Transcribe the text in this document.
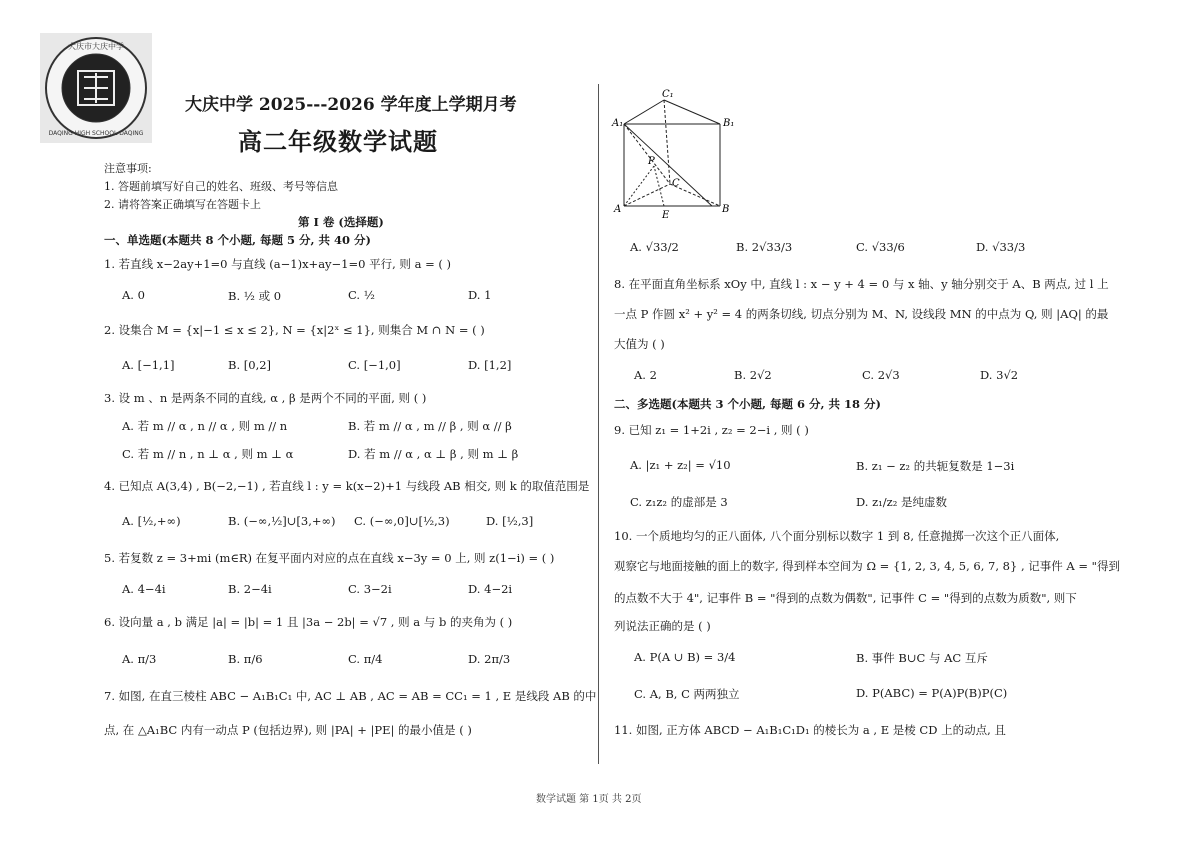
大庆市大庆中学
DAQING HIGH SCHOOL DAQING
大庆中学 2025---2026 学年度上学期月考
高二年级数学试题
注意事项:
1. 答题前填写好自己的姓名、班级、考号等信息
2. 请将答案正确填写在答题卡上
第 I 卷 (选择题)
一、单选题(本题共 8 个小题, 每题 5 分, 共 40 分)
1. 若直线 x−2ay+1=0 与直线 (a−1)x+ay−1=0 平行, 则 a = ( )
A. 0	B. ½ 或 0	C. ½	D. 1
2. 设集合 M = {x|−1 ≤ x ≤ 2}, N = {x|2ˣ ≤ 1}, 则集合 M ∩ N = ( )
A. [−1,1]	B. [0,2]	C. [−1,0]	D. [1,2]
3. 设 m 、n 是两条不同的直线, α , β 是两个不同的平面, 则 ( )
A. 若 m // α , n // α , 则 m // n	B. 若 m // α , m // β , 则 α // β
C. 若 m // n , n ⊥ α , 则 m ⊥ α	D. 若 m // α , α ⊥ β , 则 m ⊥ β
4. 已知点 A(3,4) , B(−2,−1) , 若直线 l : y = k(x−2)+1 与线段 AB 相交, 则 k 的取值范围是
A. [½,+∞)	B. (−∞,½]∪[3,+∞) C. (−∞,0]∪[½,3)	D. [½,3]
5. 若复数 z = 3+mi (m∈R) 在复平面内对应的点在直线 x−3y = 0 上, 则 z(1−i) = ( )
A. 4−4i	B. 2−4i	C. 3−2i	D. 4−2i
6. 设向量 a , b 满足 |a| = |b| = 1 且 |3a − 2b| = √7 , 则 a 与 b 的夹角为 ( )
A. π/3	B. π/6	C. π/4	D. 2π/3
7. 如图, 在直三棱柱 ABC − A₁B₁C₁ 中, AC ⊥ AB , AC = AB = CC₁ = 1 , E 是线段 AB 的中
点, 在 △A₁BC 内有一动点 P (包括边界), 则 |PA| + |PE| 的最小值是 ( )
C₁
A₁	B₁
P
C
A
E
B
A. √33/2	B. 2√33/3	C. √33/6	D. √33/3
8. 在平面直角坐标系 xOy 中, 直线 l : x − y + 4 = 0 与 x 轴、y 轴分别交于 A、B 两点, 过 l 上
一点 P 作圆 x² + y² = 4 的两条切线, 切点分别为 M、N, 设线段 MN 的中点为 Q, 则 |AQ| 的最
大值为 ( )
A. 2	B. 2√2	C. 2√3	D. 3√2
二、多选题(本题共 3 个小题, 每题 6 分, 共 18 分)
9. 已知 z₁ = 1+2i , z₂ = 2−i , 则 ( )
A. |z₁ + z₂| = √10	B. z₁ − z₂ 的共轭复数是 1−3i
C. z₁z₂ 的虚部是 3	D. z₁/z₂ 是纯虚数
10. 一个质地均匀的正八面体, 八个面分别标以数字 1 到 8, 任意抛掷一次这个正八面体,
观察它与地面接触的面上的数字, 得到样本空间为 Ω = {1, 2, 3, 4, 5, 6, 7, 8} , 记事件 A = "得到
的点数不大于 4", 记事件 B = "得到的点数为偶数", 记事件 C = "得到的点数为质数", 则下
列说法正确的是 ( )
A. P(A ∪ B) = 3/4	B. 事件 B∪C 与 AC 互斥
C. A, B, C 两两独立	D. P(ABC) = P(A)P(B)P(C)
11. 如图, 正方体 ABCD − A₁B₁C₁D₁ 的棱长为 a , E 是棱 CD 上的动点, 且
数学试题 第 1页 共 2页
